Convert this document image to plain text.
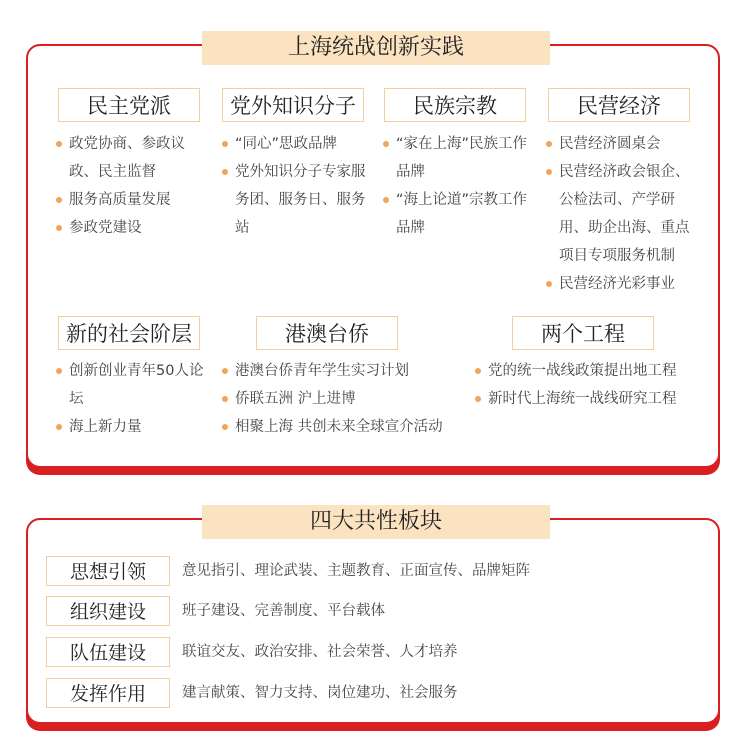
上海统战创新实践
民主党派
政党协商、参政议政、民主监督
服务高质量发展
参政党建设
党外知识分子
“同心”思政品牌
党外知识分子专家服务团、服务日、服务站
民族宗教
“家在上海”民族工作品牌
“海上论道”宗教工作品牌
民营经济
民营经济圆桌会
民营经济政会银企、公检法司、产学研用、助企出海、重点项目专项服务机制
民营经济光彩事业
新的社会阶层
创新创业青年50人论坛
海上新力量
港澳台侨
港澳台侨青年学生实习计划
侨联五洲 沪上进博
相聚上海 共创未来全球宣介活动
两个工程
党的统一战线政策提出地工程
新时代上海统一战线研究工程
四大共性板块
思想引领	意见指引、理论武装、主题教育、正面宣传、品牌矩阵
组织建设	班子建设、完善制度、平台载体
队伍建设	联谊交友、政治安排、社会荣誉、人才培养
发挥作用	建言献策、智力支持、岗位建功、社会服务
